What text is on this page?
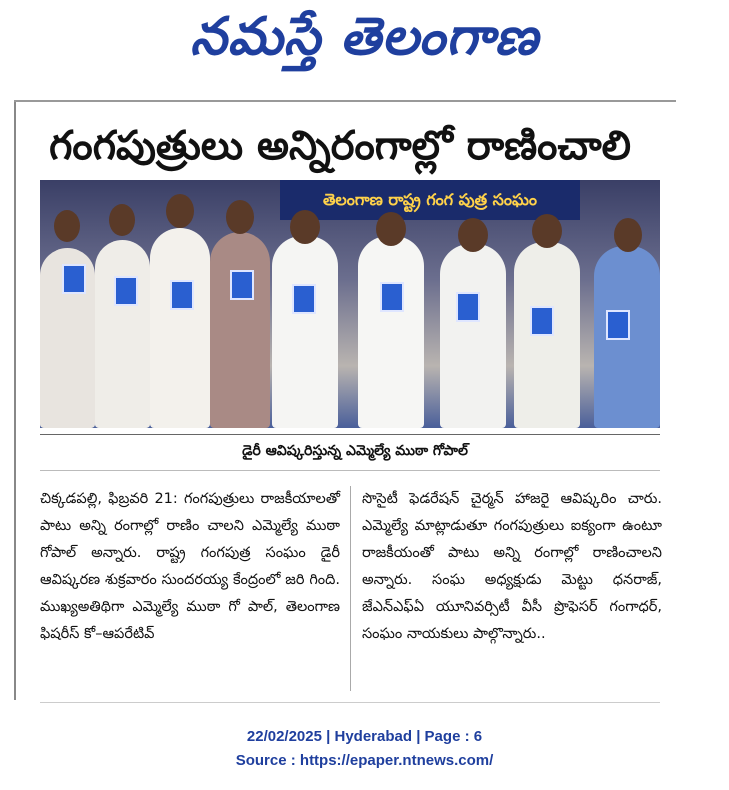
నమస్తే తెలంగాణ
గంగపుత్రులు అన్నిరంగాల్లో రాణించాలి
తెలంగాణ రాష్ట్ర గంగ పుత్ర సంఘం
డైరీ ఆవిష్కరిస్తున్న ఎమ్మెల్యే ముఠా గోపాల్
చిక్కడపల్లి, ఫిబ్రవరి 21: గంగపుత్రులు రాజకీయాలతో పాటు అన్ని రంగాల్లో రాణిం చాలని ఎమ్మెల్యే ముఠా గోపాల్ అన్నారు. రాష్ట్ర గంగపుత్ర సంఘం డైరీ ఆవిష్కరణ శుక్రవారం సుందరయ్య కేంద్రంలో జరి గింది. ముఖ్యఅతిథిగా ఎమ్మెల్యే ముఠా గో పాల్, తెలంగాణ ఫిషరీస్ కో–ఆపరేటివ్
సొసైటీ ఫెడరేషన్ చైర్మన్ హాజరై ఆవిష్కరిం చారు. ఎమ్మెల్యే మాట్లాడుతూ గంగపుత్రులు ఐక్యంగా ఉంటూ రాజకీయంతో పాటు అన్ని రంగాల్లో రాణించాలని అన్నారు. సంఘ అధ్యక్షుడు మెట్టు ధనరాజ్, జేఎన్ఎఫ్ఏ యూనివర్సిటీ వీసీ ప్రొఫెసర్ గంగాధర్, సంఘం నాయకులు పాల్గొన్నారు..
22/02/2025 | Hyderabad | Page : 6
Source : https://epaper.ntnews.com/
